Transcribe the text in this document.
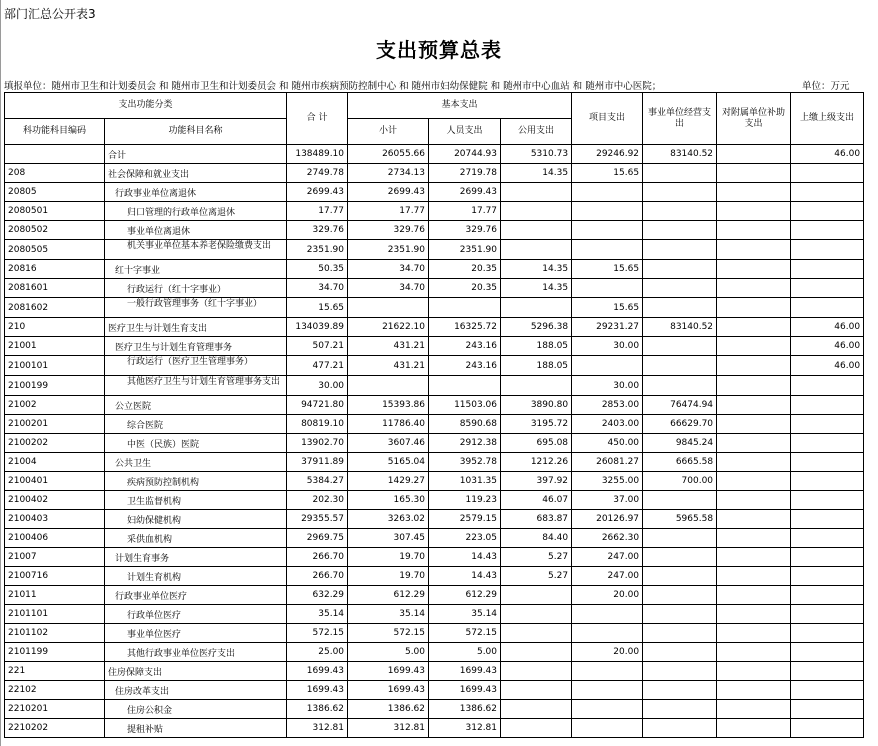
部门汇总公开表3
支出预算总表
填报单位：随州市卫生和计划委员会 和 随州市卫生和计划委员会 和 随州市疾病预防控制中心 和 随州市妇幼保健院 和 随州市中心血站 和 随州市中心医院；	单位：万元
支出功能分类		合 计	基本支出			项目支出	事业单位经营支出	对附属单位补助支出	上缴上级支出
科功能科目编码	功能科目名称		小计	人员支出	公用支出				
	合计	138489.10	26055.66	20744.93	5310.73	29246.92	83140.52		46.00
208	社会保障和就业支出	2749.78	2734.13	2719.78	14.35	15.65			
20805	行政事业单位离退休	2699.43	2699.43	2699.43					
2080501	归口管理的行政单位离退休	17.77	17.77	17.77					
2080502	事业单位离退休	329.76	329.76	329.76					
2080505	机关事业单位基本养老保险缴费支出	2351.90	2351.90	2351.90					
20816	红十字事业	50.35	34.70	20.35	14.35	15.65			
2081601	行政运行（红十字事业）	34.70	34.70	20.35	14.35				
2081602	一般行政管理事务（红十字事业）	15.65				15.65			
210	医疗卫生与计划生育支出	134039.89	21622.10	16325.72	5296.38	29231.27	83140.52		46.00
21001	医疗卫生与计划生育管理事务	507.21	431.21	243.16	188.05	30.00			46.00
2100101	行政运行（医疗卫生管理事务）	477.21	431.21	243.16	188.05				46.00
2100199	其他医疗卫生与计划生育管理事务支出	30.00				30.00			
21002	公立医院	94721.80	15393.86	11503.06	3890.80	2853.00	76474.94		
2100201	综合医院	80819.10	11786.40	8590.68	3195.72	2403.00	66629.70		
2100202	中医（民族）医院	13902.70	3607.46	2912.38	695.08	450.00	9845.24		
21004	公共卫生	37911.89	5165.04	3952.78	1212.26	26081.27	6665.58		
2100401	疾病预防控制机构	5384.27	1429.27	1031.35	397.92	3255.00	700.00		
2100402	卫生监督机构	202.30	165.30	119.23	46.07	37.00			
2100403	妇幼保健机构	29355.57	3263.02	2579.15	683.87	20126.97	5965.58		
2100406	采供血机构	2969.75	307.45	223.05	84.40	2662.30			
21007	计划生育事务	266.70	19.70	14.43	5.27	247.00			
2100716	计划生育机构	266.70	19.70	14.43	5.27	247.00			
21011	行政事业单位医疗	632.29	612.29	612.29		20.00			
2101101	行政单位医疗	35.14	35.14	35.14					
2101102	事业单位医疗	572.15	572.15	572.15					
2101199	其他行政事业单位医疗支出	25.00	5.00	5.00		20.00			
221	住房保障支出	1699.43	1699.43	1699.43					
22102	住房改革支出	1699.43	1699.43	1699.43					
2210201	住房公积金	1386.62	1386.62	1386.62					
2210202	提租补贴	312.81	312.81	312.81					
